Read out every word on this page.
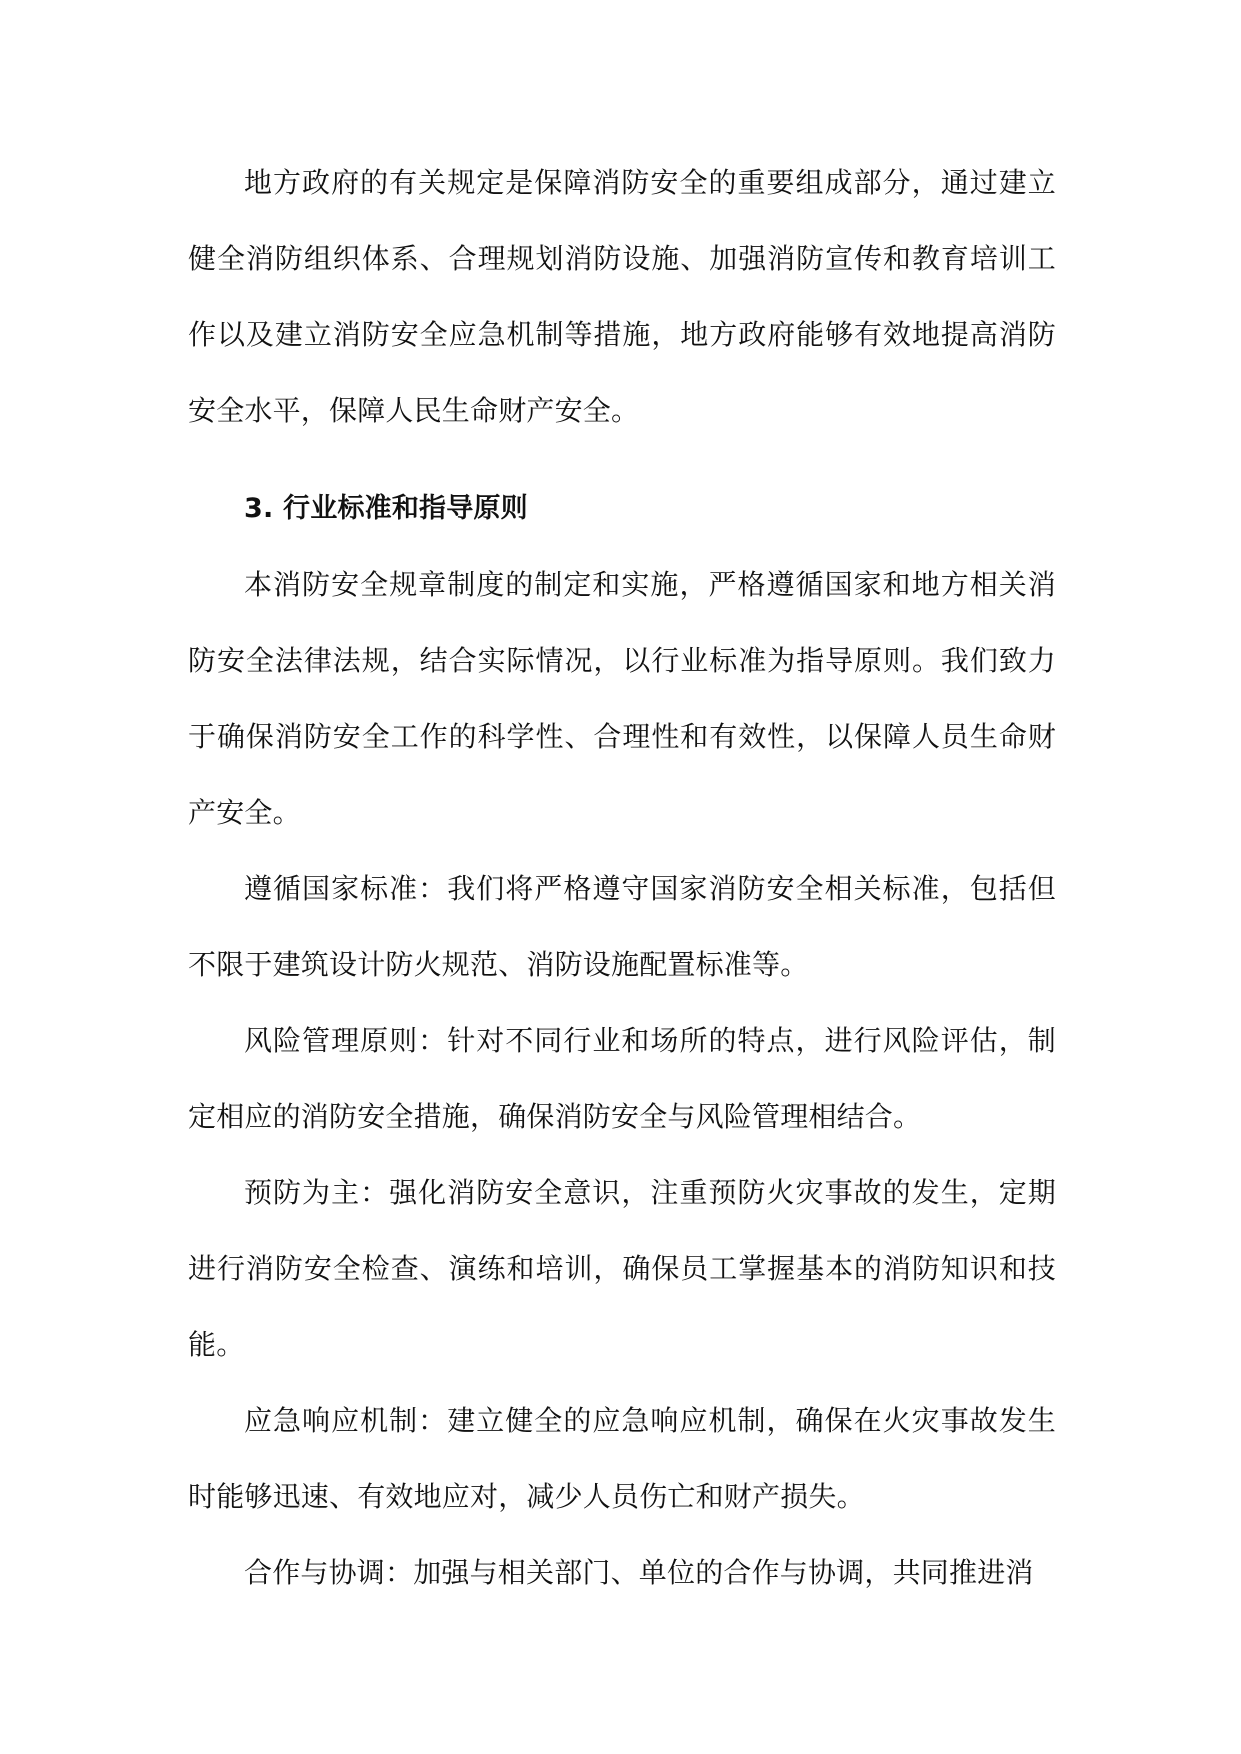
地方政府的有关规定是保障消防安全的重要组成部分，通过建立健全消防组织体系、合理规划消防设施、加强消防宣传和教育培训工作以及建立消防安全应急机制等措施，地方政府能够有效地提高消防安全水平，保障人民生命财产安全。

3. 行业标准和指导原则

本消防安全规章制度的制定和实施，严格遵循国家和地方相关消防安全法律法规，结合实际情况，以行业标准为指导原则。我们致力于确保消防安全工作的科学性、合理性和有效性，以保障人员生命财产安全。

遵循国家标准：我们将严格遵守国家消防安全相关标准，包括但不限于建筑设计防火规范、消防设施配置标准等。

风险管理原则：针对不同行业和场所的特点，进行风险评估，制定相应的消防安全措施，确保消防安全与风险管理相结合。

预防为主：强化消防安全意识，注重预防火灾事故的发生，定期进行消防安全检查、演练和培训，确保员工掌握基本的消防知识和技能。

应急响应机制：建立健全的应急响应机制，确保在火灾事故发生时能够迅速、有效地应对，减少人员伤亡和财产损失。

合作与协调：加强与相关部门、单位的合作与协调，共同推进消
